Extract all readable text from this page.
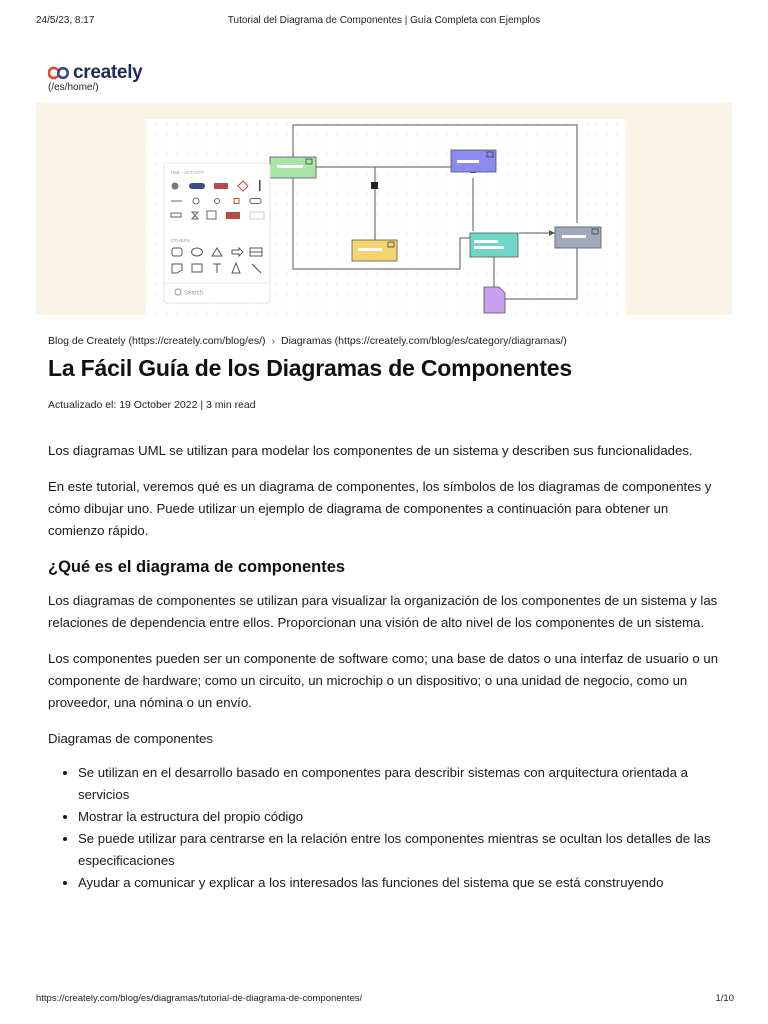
24/5/23, 8:17	Tutorial del Diagrama de Componentes | Guía Completa con Ejemplos
creately
(/es/home/)
UML - ACTIVITY
OTHERS
Search
Blog de Creately (https://creately.com/blog/es/) › Diagramas (https://creately.com/blog/es/category/diagramas/)
La Fácil Guía de los Diagramas de Componentes
Actualizado el: 19 October 2022 | 3 min read

Los diagramas UML se utilizan para modelar los componentes de un sistema y describen sus funcionalidades.

En este tutorial, veremos qué es un diagrama de componentes, los símbolos de los diagramas de componentes y cómo dibujar uno. Puede utilizar un ejemplo de diagrama de componentes a continuación para obtener un comienzo rápido.

¿Qué es el diagrama de componentes

Los diagramas de componentes se utilizan para visualizar la organización de los componentes de un sistema y las relaciones de dependencia entre ellos. Proporcionan una visión de alto nivel de los componentes de un sistema.

Los componentes pueden ser un componente de software como; una base de datos o una interfaz de usuario o un componente de hardware; como un circuito, un microchip o un dispositivo; o una unidad de negocio, como un proveedor, una nómina o un envío.

Diagramas de componentes

• Se utilizan en el desarrollo basado en componentes para describir sistemas con arquitectura orientada a servicios
• Mostrar la estructura del propio código
• Se puede utilizar para centrarse en la relación entre los componentes mientras se ocultan los detalles de las especificaciones
• Ayudar a comunicar y explicar a los interesados las funciones del sistema que se está construyendo
https://creately.com/blog/es/diagramas/tutorial-de-diagrama-de-componentes/	1/10
